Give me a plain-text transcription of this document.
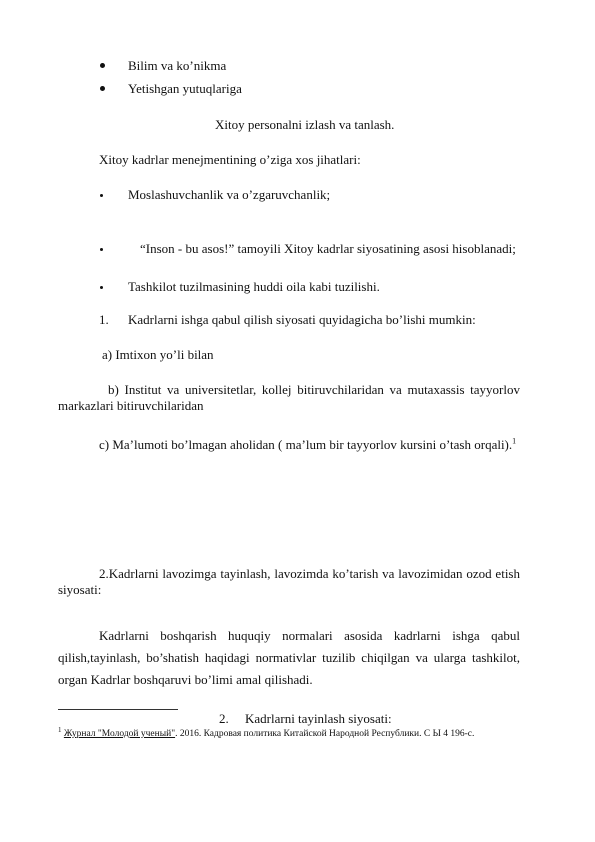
Bilim va ko’nikma
Yetishgan yutuqlariga
Xitoy personalni izlash va tanlash.
Xitoy kadrlar menejmentining o’ziga xos jihatlari:
Moslashuvchanlik va o’zgaruvchanlik;
“Inson - bu asos!” tamoyili Xitoy kadrlar siyosatining asosi hisoblanadi;
Tashkilot tuzilmasining huddi oila kabi tuzilishi.
1. Kadrlarni ishga qabul qilish siyosati quyidagicha bo’lishi mumkin:
a) Imtixon yo’li bilan
b) Institut va universitetlar, kollej bitiruvchilaridan va mutaxassis tayyorlov markazlari bitiruvchilaridan
c) Ma’lumoti bo’lmagan aholidan ( ma’lum bir tayyorlov kursini o’tash orqali).$^1$
2.Kadrlarni lavozimga tayinlash, lavozimda ko’tarish va lavozimidan ozod etish siyosati:
Kadrlarni boshqarish huquqiy normalari asosida kadrlarni ishga qabul qilish,tayinlash, bo’shatish haqidagi normativlar tuzilib chiqilgan va ularga tashkilot, organ Kadrlar boshqaruvi bo’limi amal qilishadi.
2. Kadrlarni tayinlash siyosati:
$^1$ Журнал "Молодой ученый". 2016. Кадровая политика Китайской Народной Республики. С Ы 4 196-с.
